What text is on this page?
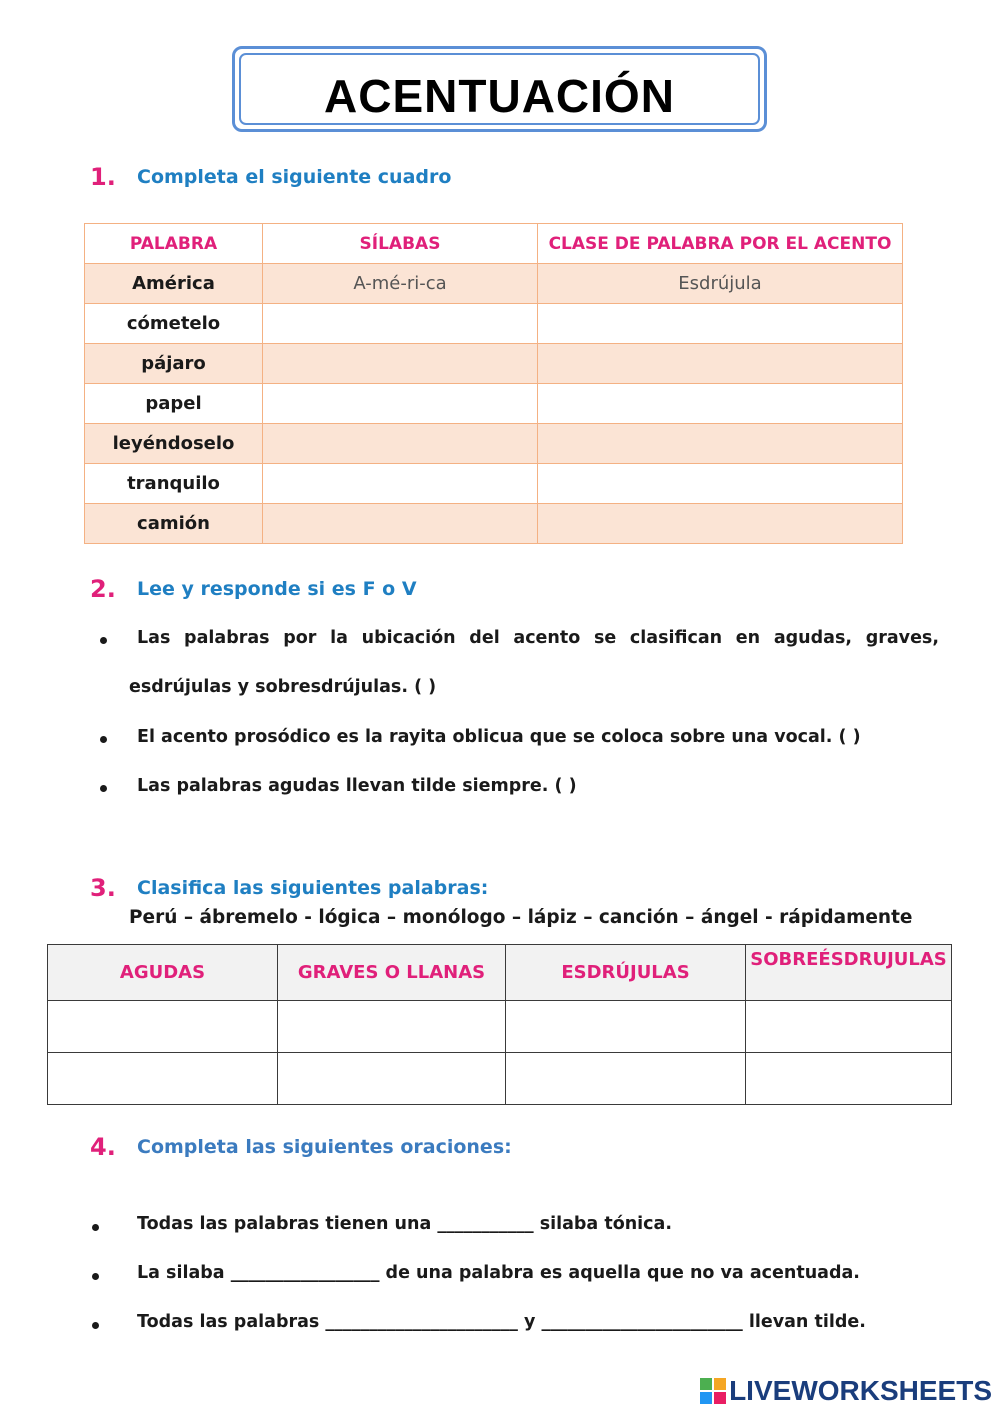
ACENTUACIÓN
1. Completa el siguiente cuadro
PALABRA	SÍLABAS	CLASE DE PALABRA POR EL ACENTO
América	A-mé-ri-ca	Esdrújula
cómetelo		
pájaro		
papel		
leyéndoselo		
tranquilo		
camión		
2. Lee y responde si es F o V
Las palabras por la ubicación del acento se clasifican en agudas, graves,
esdrújulas y sobresdrújulas. ( )
El acento prosódico es la rayita oblicua que se coloca sobre una vocal. ( )
Las palabras agudas llevan tilde siempre. ( )
3. Clasifica las siguientes palabras:
Perú – ábremelo - lógica – monólogo – lápiz – canción – ángel - rápidamente
AGUDAS	GRAVES O LLANAS	ESDRÚJULAS	SOBREÉSDRUJULAS

4. Completa las siguientes oraciones:
Todas las palabras tienen una ___________ silaba tónica.
La silaba _________________ de una palabra es aquella que no va acentuada.
Todas las palabras ______________________ y _______________________ llevan tilde.
LIVEWORKSHEETS
